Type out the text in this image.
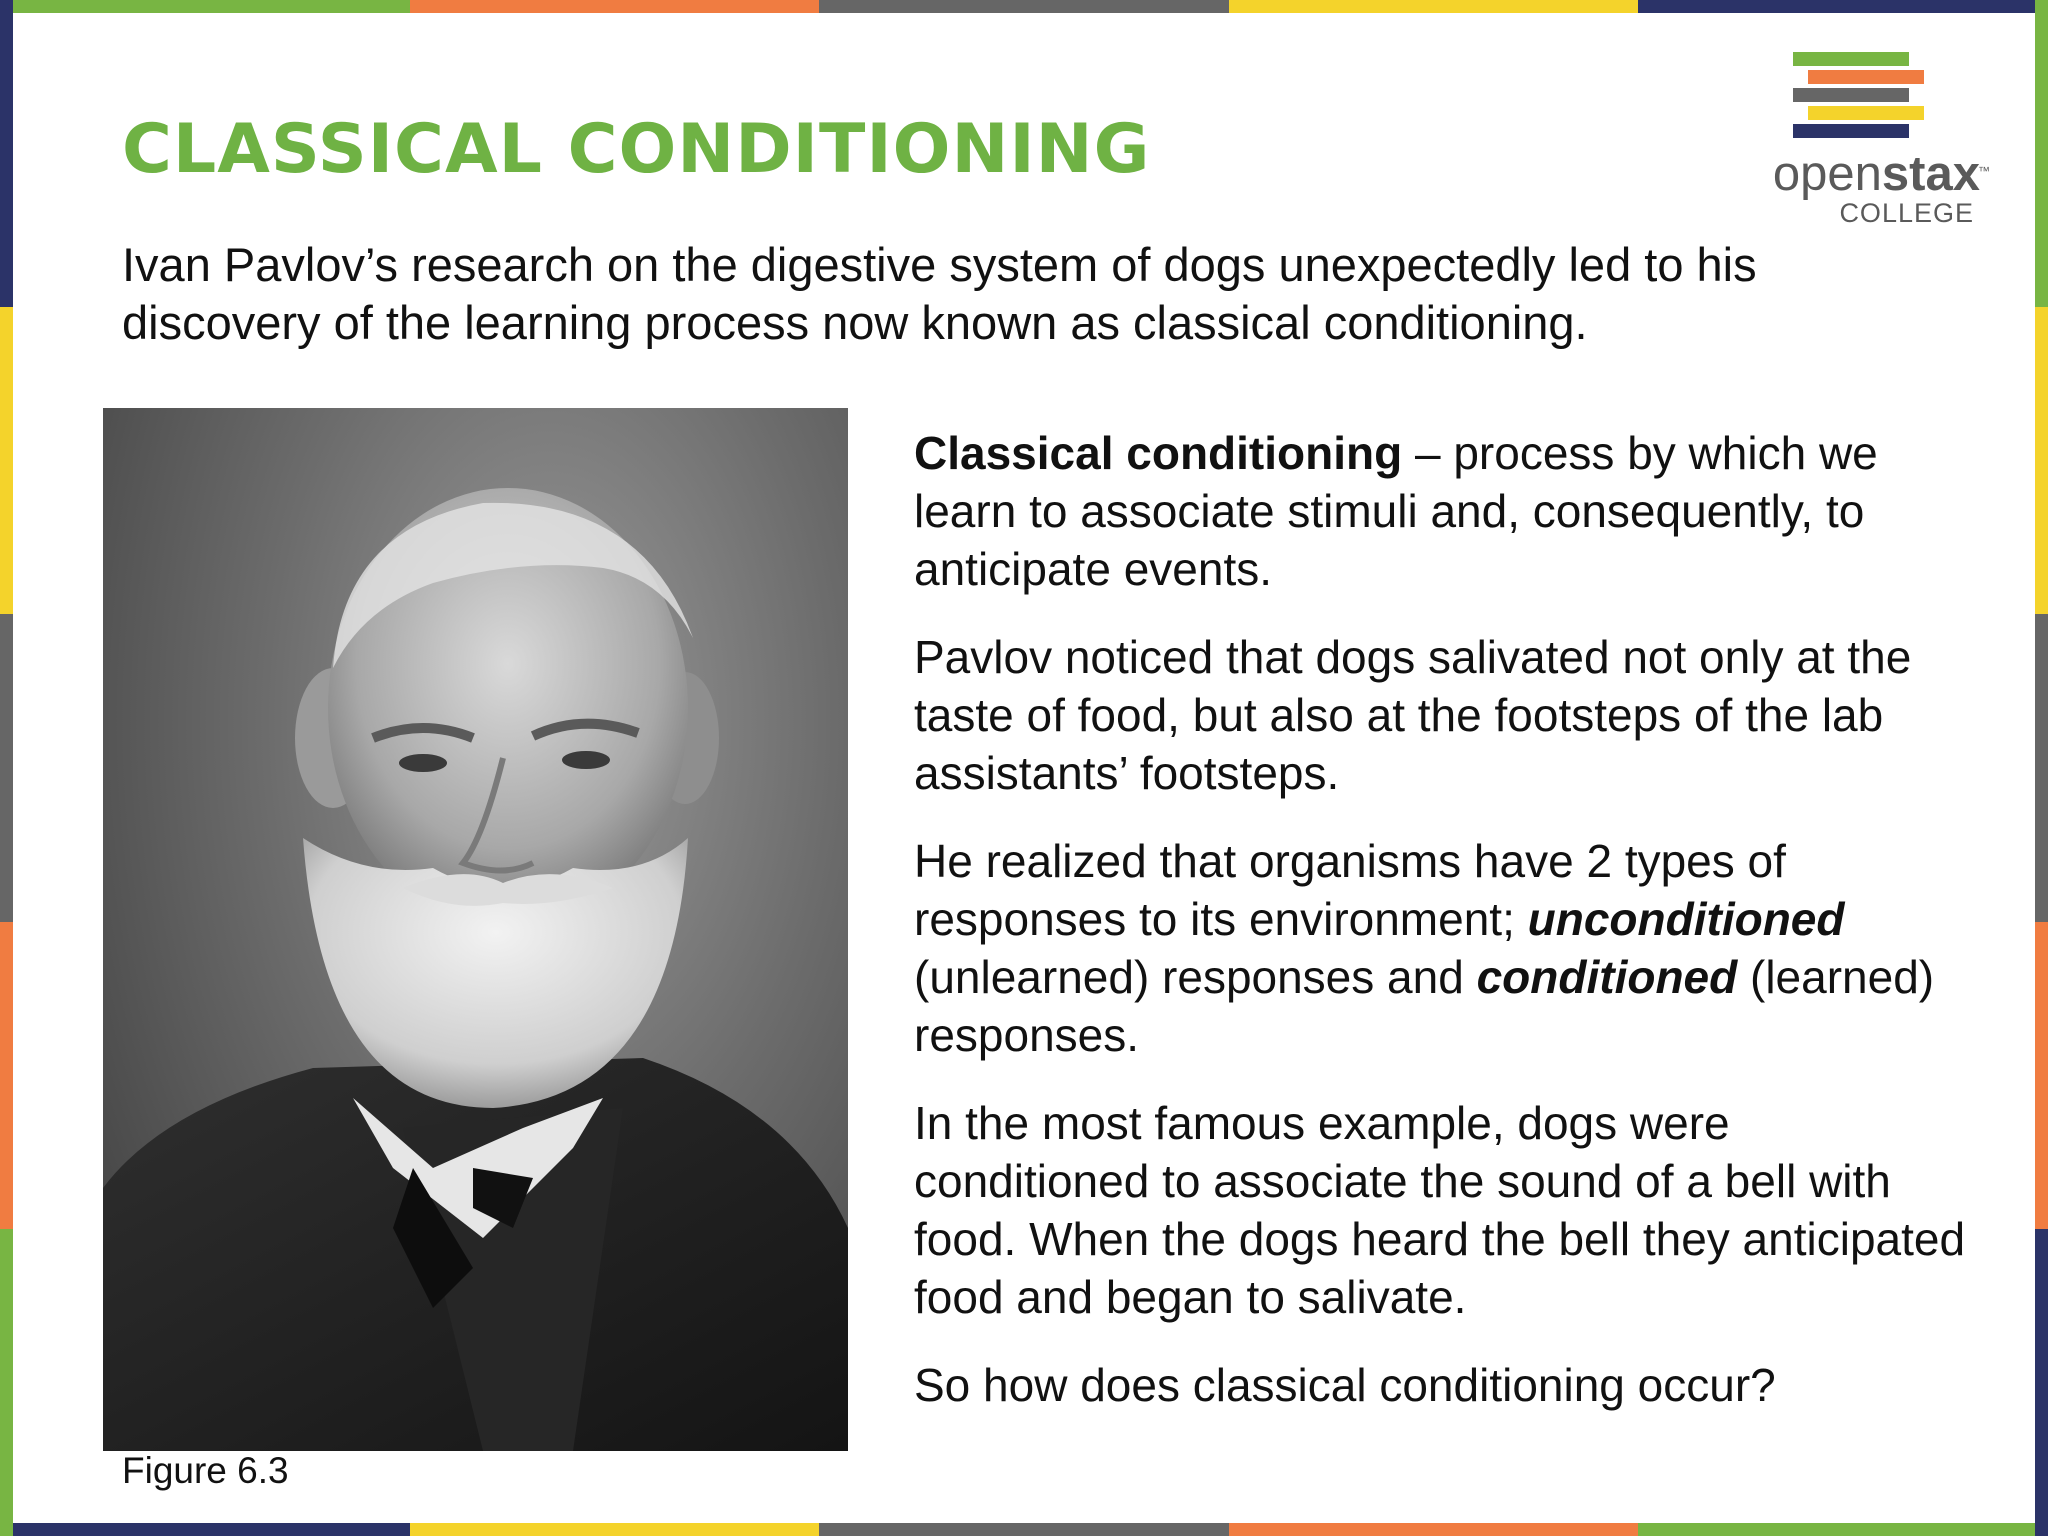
CLASSICAL CONDITIONING	openstax
™
COLLEGE

Ivan Pavlov’s research on the digestive system of dogs unexpectedly led to his discovery of the learning process now known as classical conditioning.

Figure 6.3

Classical conditioning – process by which we learn to associate stimuli and, consequently, to anticipate events.

Pavlov noticed that dogs salivated not only at the taste of food, but also at the footsteps of the lab assistants’ footsteps.

He realized that organisms have 2 types of responses to its environment; unconditioned (unlearned) responses and conditioned (learned) responses.

In the most famous example, dogs were conditioned to associate the sound of a bell with food. When the dogs heard the bell they anticipated food and began to salivate.

So how does classical conditioning occur?
